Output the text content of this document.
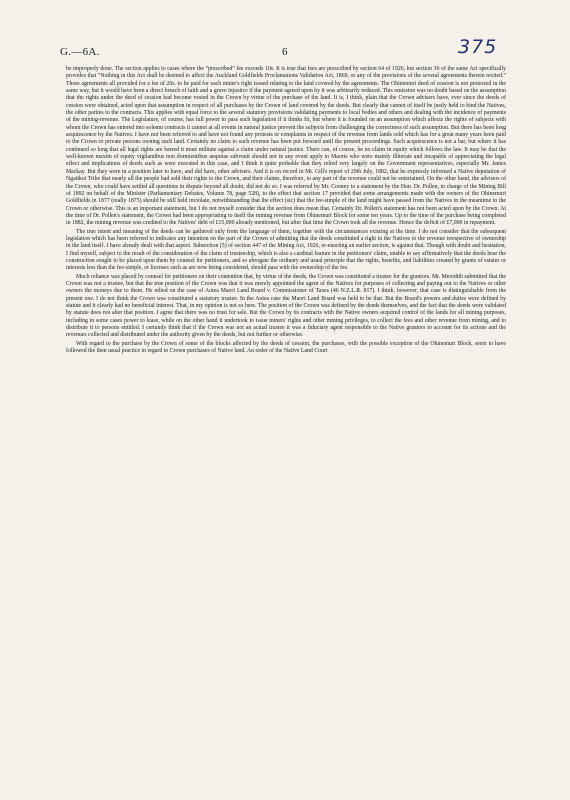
G.—6A.	6	375

be improperly done. The section applies to cases where the “prescribed” fee exceeds 10s. It is true that fees are prescribed by section 64 of 1926, but section 36 of the same Act specifically provides that “Nothing in this Act shall be deemed to affect the Auckland Goldfields Proclamations Validation Act, 1869, or any of the provisions of the several agreements therein recited.” These agreements all provided for a fee of 20s. to be paid for each miner's right issued relating to the land covered by the agreements. The Ohinemuri deed of cession is not protected in the same way, but it would have been a direct breach of faith and a grave injustice if the payment agreed upon by it was arbitrarily reduced. This omission was no doubt based on the assumption that the rights under the deed of cession had become vested in the Crown by virtue of the purchase of the land. It is, I think, plain that the Crown advisers have, ever since the deeds of cession were obtained, acted upon that assumption in respect of all purchases by the Crown of land covered by the deeds. But clearly that cannot of itself be justly held to bind the Natives, the other parties to the contracts. This applies with equal force to the several statutory provisions validating payments to local bodies and others and dealing with the incidence of payments of the mining-revenue. The Legislature, of course, has full power to pass such legislation if it thinks fit, but where it is founded on an assumption which affects the rights of subjects with whom the Crown has entered into solemn contracts it cannot at all events in natural justice prevent the subjects from challenging the correctness of such assumption. But there has been long acquiescence by the Natives. I have not been referred to and have not found any protests or complaints in respect of the revenue from lands sold which has for a great many years been paid to the Crown or private persons owning such land. Certainly no claim to such revenue has been put forward until the present proceedings. Such acquiescence is not a bar, but where it has continued so long that all legal rights are barred it must militate against a claim under natural justice. There can, of course, be no claim in equity which follows the law. It may be that the well-known maxim of equity vigilantibus non dormientibus aequitas subvenit should not in any event apply to Maoris who were mainly illiterate and incapable of appreciating the legal effect and implications of deeds such as were executed in this case, and I think it quite probable that they relied very largely on the Government representatives, especially Mr. James Mackay. But they were in a position later to have, and did have, other advisers. And it is on record in Mr. Gill's report of 29th July, 1882, that he expressly informed a Native deputation of Ngatikoi Tribe that nearly all the people had sold their rights to the Crown, and their claims, therefore, to any part of the revenue could not be entertained. On the other hand, the advisers of the Crown, who could have settled all questions in dispute beyond all doubt, did not do so. I was referred by Mr. Cooney to a statement by the Hon. Dr. Pollen, in charge of the Mining Bill of 1892 on behalf of the Minister (Parliamentary Debates, Volume 78, page 528), to the effect that section 17 provided that some arrangements made with the owners of the Ohinemuri Goldfields in 1877 (really 1875) should be still held inviolate, notwithstanding that the effect (sic) that the fee-simple of the land might have passed from the Natives in the meantime to the Crown or otherwise. This is an important statement, but I do not myself consider that the section does mean that. Certainly Dr. Pollen's statement has not been acted upon by the Crown. At the time of Dr. Pollen's statement, the Crown had been appropriating to itself the mining revenue from Ohinemuri Block for some ten years. Up to the time of the purchase being completed in 1882, the mining revenue was credited to the Natives' debt of £15,000 already mentioned, but after that time the Crown took all the revenue. Hence the deficit of £7,000 in repayment.

The true intent and meaning of the deeds can be gathered only from the language of them, together with the circumstances existing at the time. I do not consider that the subsequent legislation which has been referred to indicates any intention on the part of the Crown of admitting that the deeds constituted a right in the Natives to the revenue irrespective of ownership in the land itself. I have already dealt with that aspect. Subsection (5) of section 447 of the Mining Act, 1926, re-enacting an earlier section, is against that. Though with doubt and hesitation, I find myself, subject to the result of the consideration of the claim of trusteeship, which is also a cardinal feature in the petitioners' claim, unable to say affirmatively that the deeds bear the construction sought to be placed upon them by counsel for petitioners, and so abrogate the ordinary and usual principle that the rights, benefits, and liabilities created by grants of estates or interests less than the fee-simple, or licenses such as are now being considered, should pass with the ownership of the fee.

Much reliance was placed by counsel for petitioners on their contention that, by virtue of the deeds, the Crown was constituted a trustee for the grantors. Mr. Meredith submitted that the Crown was not a trustee, but that the true position of the Crown was that it was merely appointed the agent of the Natives for purposes of collecting and paying out to the Natives or other owners the moneys due to them. He relied on the case of Aotea Maori Land Board v. Commissioner of Taxes (46 N.Z.L.R. 817). I think, however, that case is distinguishable from the present one. I do not think the Crown was constituted a statutory trustee. In the Aotea case the Maori Land Board was held to be that. But the Board's powers and duties were defined by statute and it clearly had no beneficial interest. That, in my opinion is not so here. The position of the Crown was defined by the deeds themselves, and the fact that the deeds were validated by statute does not alter that position. I agree that there was no trust for sale. But the Crown by its contracts with the Native owners acquired control of the lands for all mining purposes, including in some cases power to lease, while on the other hand it undertook to issue miners' rights and other mining privileges, to collect the fees and other revenue from mining, and to distribute it to persons entitled. I certainly think that if the Crown was not an actual trustee it was a fiduciary agent responsible to the Native grantors to account for its actions and the revenues collected and distributed under the authority given by the deeds, but not further or otherwise.

With regard to the purchase by the Crown of some of the blocks affected by the deeds of cession, the purchases, with the possible exception of the Ohinemuri Block, seem to have followed the then usual practice in regard to Crown purchases of Native land. An order of the Native Land Court
